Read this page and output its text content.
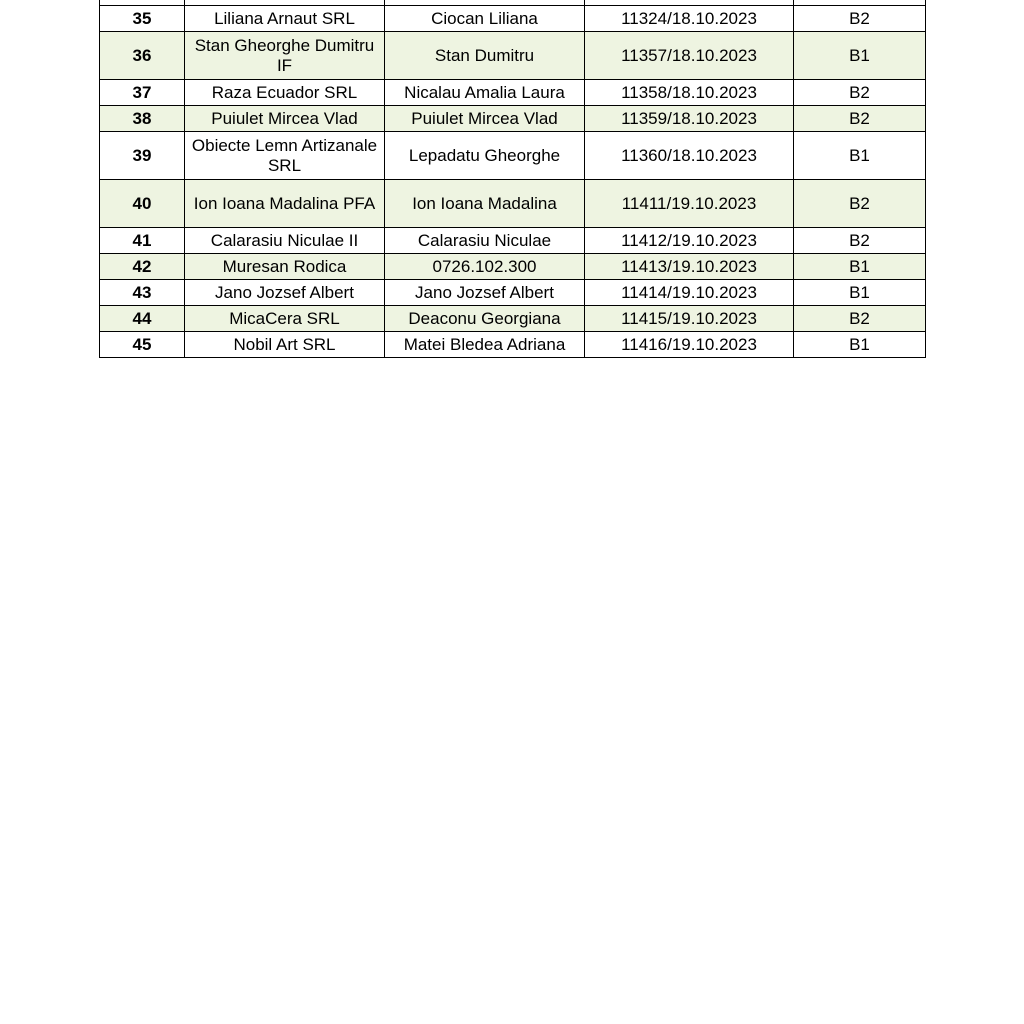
35	Liliana Arnaut SRL	Ciocan Liliana	11324/18.10.2023	B2
36	Stan Gheorghe Dumitru IF	Stan Dumitru	11357/18.10.2023	B1
37	Raza Ecuador SRL	Nicalau Amalia Laura	11358/18.10.2023	B2
38	Puiulet Mircea Vlad	Puiulet Mircea Vlad	11359/18.10.2023	B2
39	Obiecte Lemn Artizanale SRL	Lepadatu Gheorghe	11360/18.10.2023	B1
40	Ion Ioana Madalina PFA	Ion Ioana Madalina	11411/19.10.2023	B2
41	Calarasiu Niculae II	Calarasiu Niculae	11412/19.10.2023	B2
42	Muresan Rodica	0726.102.300	11413/19.10.2023	B1
43	Jano Jozsef Albert	Jano Jozsef Albert	11414/19.10.2023	B1
44	MicaCera SRL	Deaconu Georgiana	11415/19.10.2023	B2
45	Nobil Art SRL	Matei Bledea Adriana	11416/19.10.2023	B1
